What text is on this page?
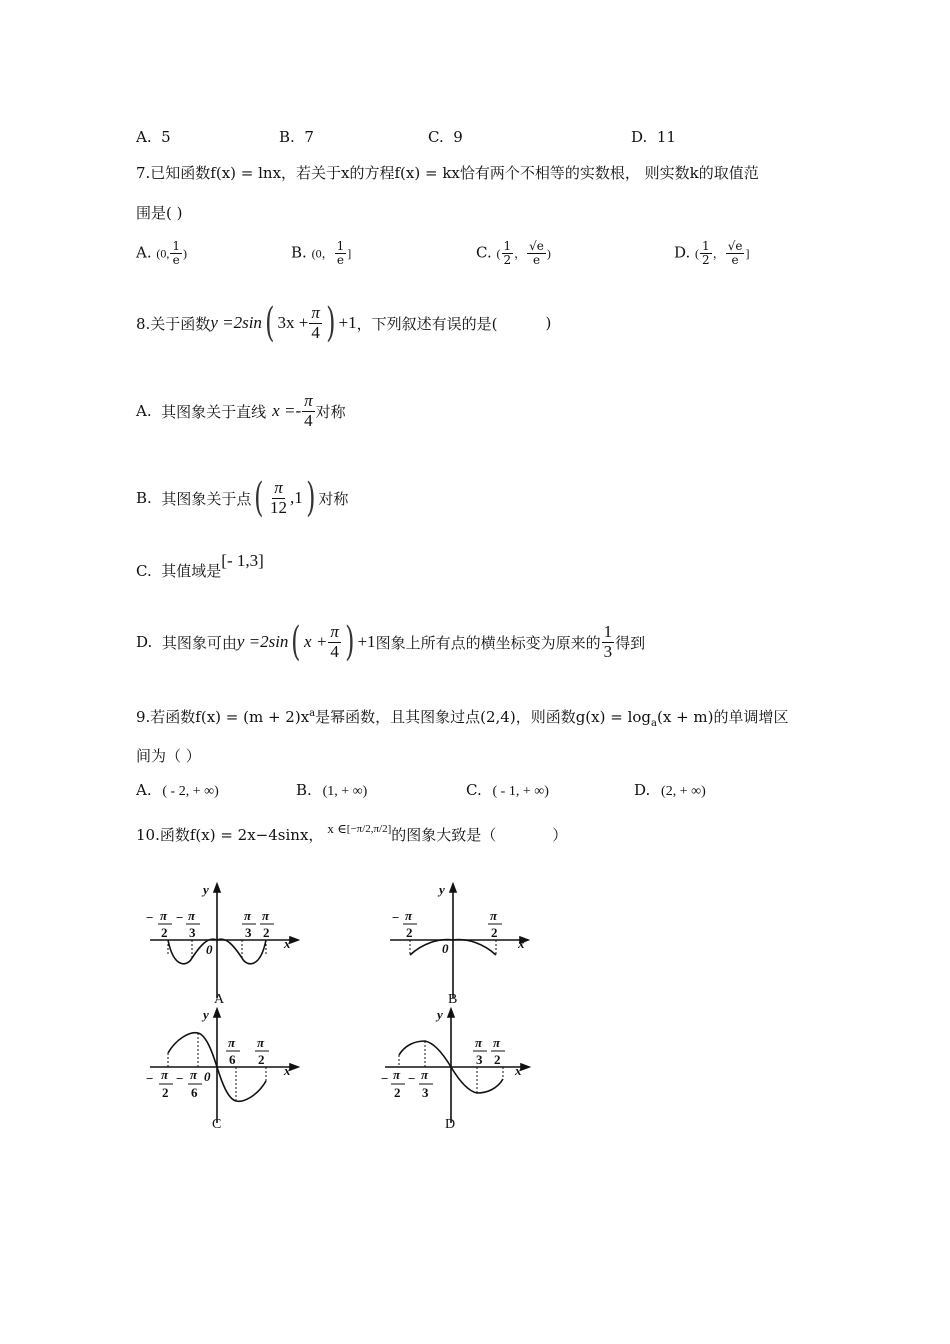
A. 5	B. 7	C. 9	D. 11
7.已知函数f(x) = lnx，若关于x的方程f(x) = kx恰有两个不相等的实数根， 则实数k的取值范
围是( )
A. (0, $\frac{1}{e}$ )	B. (0， $\frac{1}{e}$ ]	C. ( $\frac{1}{2}$ ， $\frac{√e}{e}$ )	D. ( $\frac{1}{2}$ ， $\frac{√e}{e}$ ]
8.关于函数 y =2sin ( $3x + \frac{\pi}{4}$ ) +1 ，下列叙述有误的是(	)
A.
其图象关于直线 $x =- \frac{\pi}{4}$ 对称
B.
其图象关于点 ( $\frac{\pi}{12} ,1$ ) 对称
C.
其值域是
[- 1,3]
D.
其图象可由 y =2sin ( $x + \frac{\pi}{4}$ ) +1 图象上所有点的横坐标变为原来的 $\frac{1}{3}$ 得到
9.若函数$f(x) = (m + 2)x^a$是幂函数，且其图象过点(2,4)，则函数$g(x) = \log_a(x + m)$的单调增区
间为（ ）
A. ( - 2, + ∞)	B. (1, + ∞)	C. ( - 1, + ∞)	D. (2, + ∞)
10.函数f(x) = 2x−4sinx， x ∈ [−π/2,π/2] 的图象大致是（	）
− π
2
− π
3
π
3
π
2
0	x
y
A
− π
2
π
2
0	x
y
B
− π
2
− π
6
π
6
π
2
0	x
y
C
− π
2
− π
3
π
3
π
2
x
y
D
